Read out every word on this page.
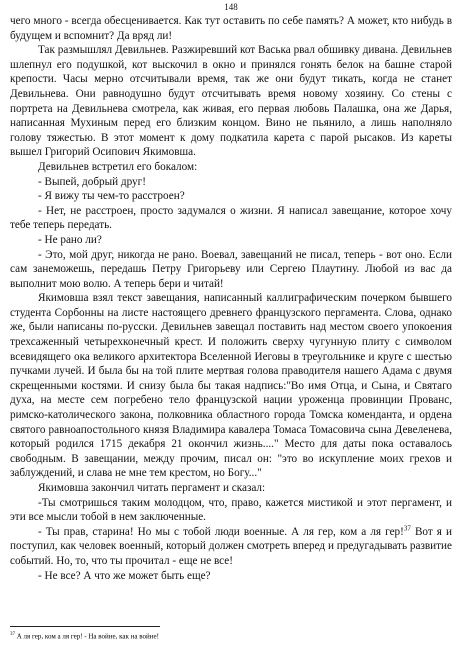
148

чего много - всегда обесценивается. Как тут оставить по себе память? А может, кто нибудь в будущем и вспомнит? Да вряд ли!

Так размышлял Девильнев. Разжиревший кот Васька рвал обшивку дивана. Девильнев шлепнул его подушкой, кот выскочил в окно и принялся гонять белок на башне старой крепости. Часы мерно отсчитывали время, так же они будут тикать, когда не станет Девильнева. Они равнодушно будут отсчитывать время новому хозяину. Со стены с портрета на Девильнева смотрела, как живая, его первая любовь Палашка, она же Дарья, написанная Мухиным перед его близким концом. Вино не пьянило, а лишь наполняло голову тяжестью. В этот момент к дому подкатила карета с парой рысаков. Из кареты вышел Григорий Осипович Якимовша.

Девильнев встретил его бокалом:

- Выпей, добрый друг!

- Я вижу ты чем-то расстроен?

- Нет, не расстроен, просто задумался о жизни. Я написал завещание, которое хочу тебе теперь передать.

- Не рано ли?

- Это, мой друг, никогда не рано. Воевал, завещаний не писал, теперь - вот оно. Если сам занеможешь, передашь Петру Григорьеву или Сергею Плаутину. Любой из вас да выполнит мою волю. А теперь бери и читай!

Якимовша взял текст завещания, написанный каллиграфическим почерком бывшего студента Сорбонны на листе настоящего древнего французского пергамента. Слова, однако же, были написаны по-русски. Девильнев завещал поставить над местом своего упокоения трехсаженный четырехконечный крест. И положить сверху чугунную плиту с символом всевидящего ока великого архитектора Вселенной Иеговы в треугольнике и круге с шестью пучками лучей. И была бы на той плите мертвая голова праводителя нашего Адама с двумя скрещенными костями. И снизу была бы такая надпись:"Во имя Отца, и Сына, и Святаго духа, на месте сем погребено тело французской нации уроженца провинции Прованс, римско-католического закона, полковника областного города Томска коменданта, и ордена святого равноапостольного князя Владимира кавалера Томаса Томасовича сына Девеленева, который родился 1715 декабря 21 окончил жизнь...." Место для даты пока оставалось свободным. В завещании, между прочим, писал он: "это во искупление моих грехов и заблуждений, и слава не мне тем крестом, но Богу..."

Якимовша закончил читать пергамент и сказал:

-Ты смотришься таким молодцом, что, право, кажется мистикой и этот пергамент, и эти все мысли тобой в нем заключенные.

- Ты прав, старина! Но мы с тобой люди военные. А ля гер, ком а ля гер!$^{37}$ Вот я и поступил, как человек военный, который должен смотреть вперед и предугадывать развитие событий. Но, то, что ты прочитал - еще не все!

- Не все? А что же может быть еще?

$^{37}$ А ля гер, ком а ля гер! - На войне, как на войне!
